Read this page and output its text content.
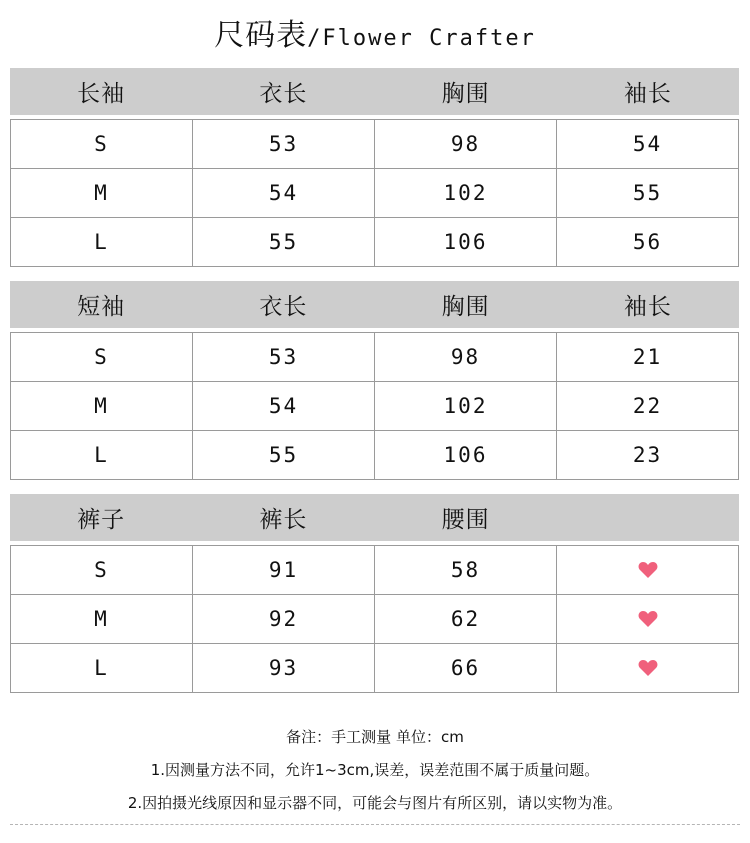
尺码表/Flower Crafter
长袖	衣长	胸围	袖长
S	53	98	54
M	54	102	55
L	55	106	56
短袖	衣长	胸围	袖长
S	53	98	21
M	54	102	22
L	55	106	23
裤子	裤长	腰围
S	91	58
M	92	62
L	93	66
备注：手工测量 单位：cm
1.因测量方法不同，允许1~3cm,误差，误差范围不属于质量问题。
2.因拍摄光线原因和显示器不同，可能会与图片有所区别，请以实物为准。
